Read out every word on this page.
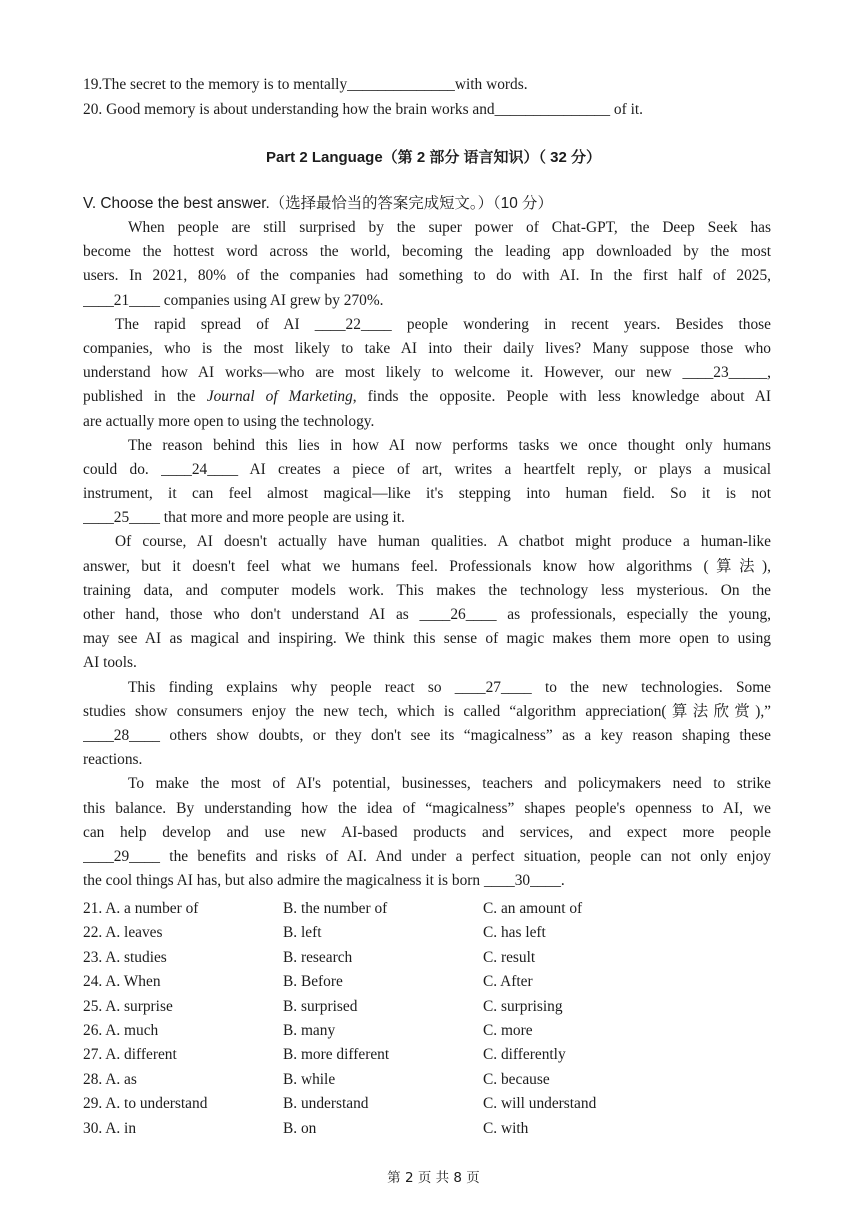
19.The secret to the memory is to mentally______________with words.
20. Good memory is about understanding how the brain works and_______________ of it.
Part 2 Language（第 2 部分 语言知识）（ 32 分）
V. Choose the best answer.（选择最恰当的答案完成短文。）（10 分）
When people are still surprised by the super power of Chat-GPT, the Deep Seek has
become the hottest word across the world, becoming the leading app downloaded by the most
users. In 2021, 80% of the companies had something to do with AI. In the first half of 2025,
____21____ companies using AI grew by 270%.
The rapid spread of AI ____22____ people wondering in recent years. Besides those
companies, who is the most likely to take AI into their daily lives? Many suppose those who
understand how AI works—who are most likely to welcome it. However, our new ____23_____,
published in the Journal of Marketing, finds the opposite. People with less knowledge about AI
are actually more open to using the technology.
The reason behind this lies in how AI now performs tasks we once thought only humans
could do. ____24____ AI creates a piece of art, writes a heartfelt reply, or plays a musical
instrument, it can feel almost magical—like it's stepping into human field. So it is not
____25____ that more and more people are using it.
Of course, AI doesn't actually have human qualities. A chatbot might produce a human-like
answer, but it doesn't feel what we humans feel. Professionals know how algorithms (算法),
training data, and computer models work. This makes the technology less mysterious. On the
other hand, those who don't understand AI as ____26____ as professionals, especially the young,
may see AI as magical and inspiring. We think this sense of magic makes them more open to using
AI tools.
This finding explains why people react so ____27____ to the new technologies. Some
studies show consumers enjoy the new tech, which is called “algorithm appreciation(算法欣赏),”
____28____ others show doubts, or they don't see its “magicalness” as a key reason shaping these
reactions.
To make the most of AI's potential, businesses, teachers and policymakers need to strike
this balance. By understanding how the idea of “magicalness” shapes people's openness to AI, we
can help develop and use new AI-based products and services, and expect more people
____29____ the benefits and risks of AI. And under a perfect situation, people can not only enjoy
the cool things AI has, but also admire the magicalness it is born ____30____.
21. A. a number of	B. the number of	C. an amount of
22. A. leaves	B. left	C. has left
23. A. studies	B. research	C. result
24. A. When	B. Before	C. After
25. A. surprise	B. surprised	C. surprising
26. A. much	B. many	C. more
27. A. different	B. more different	C. differently
28. A. as	B. while	C. because
29. A. to understand	B. understand	C. will understand
30. A. in	B. on	C. with
第 2 页 共 8 页
